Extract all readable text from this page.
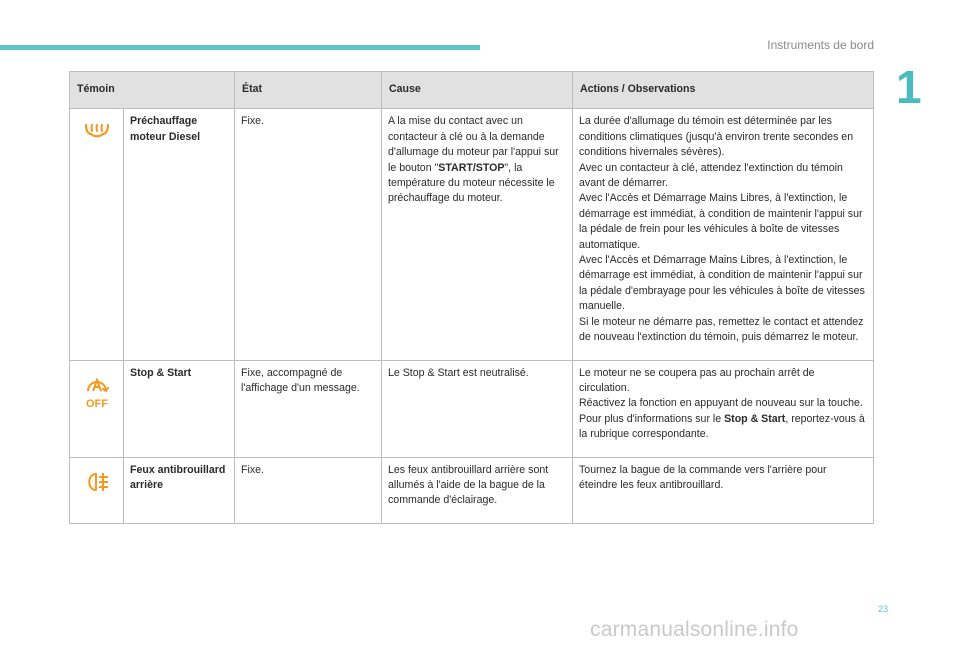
Instruments de bord
1
Témoin		État	Cause	Actions / Observations
	Préchauffage moteur Diesel	Fixe.	A la mise du contact avec un contacteur à clé ou à la demande d'allumage du moteur par l'appui sur le bouton "START/STOP", la température du moteur nécessite le préchauffage du moteur.	La durée d'allumage du témoin est déterminée par les conditions climatiques (jusqu'à environ trente secondes en conditions hivernales sévères).
Avec un contacteur à clé, attendez l'extinction du témoin avant de démarrer.
Avec l'Accès et Démarrage Mains Libres, à l'extinction, le démarrage est immédiat, à condition de maintenir l'appui sur la pédale de frein pour les véhicules à boîte de vitesses automatique.
Avec l'Accès et Démarrage Mains Libres, à l'extinction, le démarrage est immédiat, à condition de maintenir l'appui sur la pédale d'embrayage pour les véhicules à boîte de vitesses manuelle.
Si le moteur ne démarre pas, remettez le contact et attendez de nouveau l'extinction du témoin, puis démarrez le moteur.

OFF	Stop & Start	Fixe, accompagné de l'affichage d'un message.	Le Stop & Start est neutralisé.	Le moteur ne se coupera pas au prochain arrêt de circulation.
Réactivez la fonction en appuyant de nouveau sur la touche.
Pour plus d'informations sur le Stop & Start, reportez-vous à la rubrique correspondante.

	Feux antibrouillard arrière	Fixe.	Les feux antibrouillard arrière sont allumés à l'aide de la bague de la commande d'éclairage.	Tournez la bague de la commande vers l'arrière pour éteindre les feux antibrouillard.
23
carmanualsonline.info
